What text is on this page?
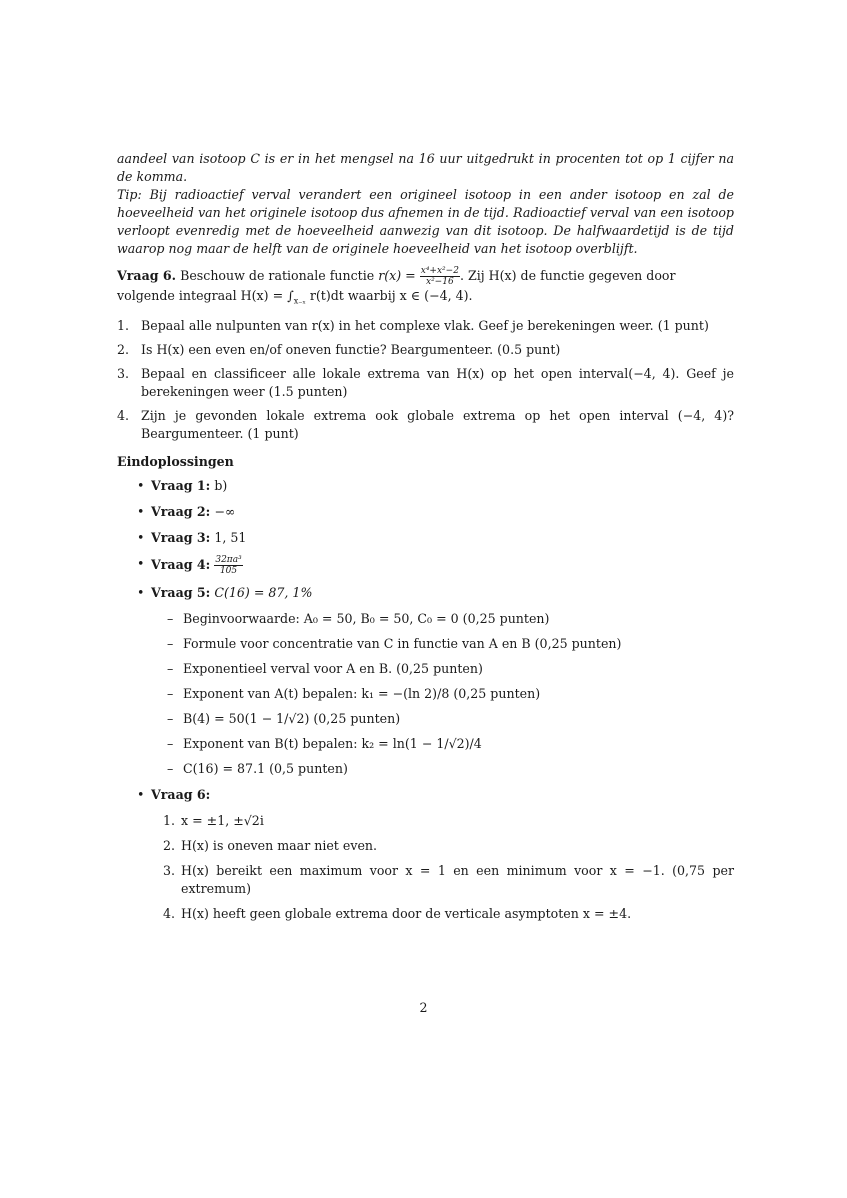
aandeel van isotoop C is er in het mengsel na 16 uur uitgedrukt in procenten tot op 1 cijfer na de komma.
Tip: Bij radioactief verval verandert een origineel isotoop in een ander isotoop en zal de hoeveelheid van het originele isotoop dus afnemen in de tijd. Radioactief verval van een isotoop verloopt evenredig met de hoeveelheid aanwezig van dit isotoop. De halfwaardetijd is de tijd waarop nog maar de helft van de originele hoeveelheid van het isotoop overblijft.

Vraag 6. Beschouw de rationale functie $r(x) = \frac{\text{x⁴+x²−2}}{\text{x²−16}}$ . Zij H(x) de functie gegeven door volgende integraal $H(x) = \int_{x_{-x}}$ r(t)dt waarbij x ∈ (−4, 4).

1. Bepaal alle nulpunten van r(x) in het complexe vlak. Geef je berekeningen weer. (1 punt)
2. Is H(x) een even en/of oneven functie? Beargumenteer. (0.5 punt)
3. Bepaal en classificeer alle lokale extrema van H(x) op het open interval(−4, 4). Geef je berekeningen weer (1.5 punten)
4. Zijn je gevonden lokale extrema ook globale extrema op het open interval (−4, 4)? Beargumenteer. (1 punt)
Eindoplossingen
• Vraag 1: b)
• Vraag 2: −∞
• Vraag 3: 1, 51
• Vraag 4: $\frac{\text{32πa³}}{105}$
• Vraag 5: C(16) = 87, 1%
– Beginvoorwaarde: A₀ = 50, B₀ = 50, C₀ = 0 (0,25 punten)
– Formule voor concentratie van C in functie van A en B (0,25 punten)
– Exponentieel verval voor A en B. (0,25 punten)
– Exponent van A(t) bepalen: k₁ = −(ln 2)/8 (0,25 punten)
– B(4) = 50(1 − 1/√2) (0,25 punten)
– Exponent van B(t) bepalen: k₂ = ln(1 − 1/√2)/4
– C(16) = 87.1 (0,5 punten)
• Vraag 6:
1. x = ±1, ±√2i
2. H(x) is oneven maar niet even.
3. H(x) bereikt een maximum voor x = 1 en een minimum voor x = −1. (0,75 per extremum)
4. H(x) heeft geen globale extrema door de verticale asymptoten x = ±4.
2
